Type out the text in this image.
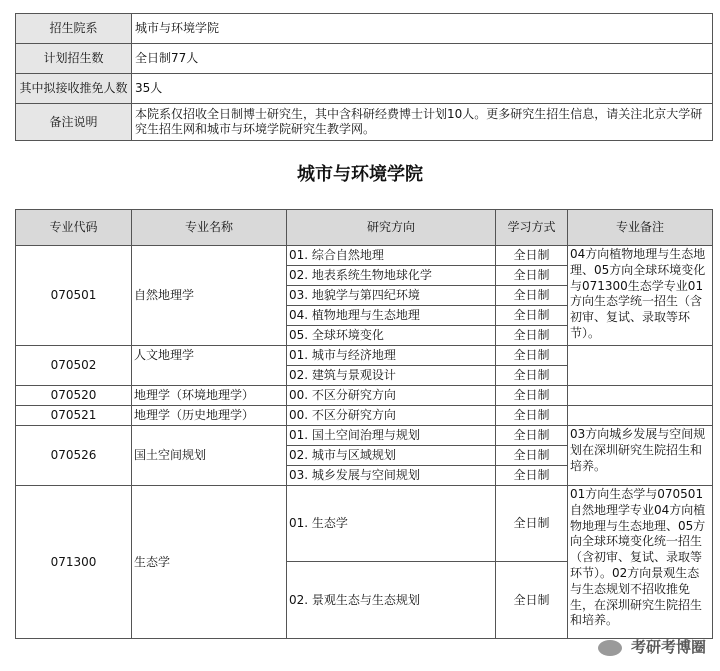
招生院系	城市与环境学院
计划招生数	全日制77人
其中拟接收推免人数	35人
备注说明	本院系仅招收全日制博士研究生，其中含科研经费博士计划10人。更多研究生招生信息，请关注北京大学研究生招生网和城市与环境学院研究生教学网。
城市与环境学院
专业代码	专业名称	研究方向	学习方式	专业备注
070501	自然地理学	01. 综合自然地理	全日制	04方向植物地理与生态地理、05方向全球环境变化与071300生态学专业01方向生态学统一招生（含初审、复试、录取等环节）。
		02. 地表系统生物地球化学	全日制	
		03. 地貌学与第四纪环境	全日制	
		04. 植物地理与生态地理	全日制	
		05. 全球环境变化	全日制	
070502	人文地理学	01. 城市与经济地理	全日制	
		02. 建筑与景观设计	全日制	
070520	地理学（环境地理学）	00. 不区分研究方向	全日制	
070521	地理学（历史地理学）	00. 不区分研究方向	全日制	
070526	国土空间规划	01. 国土空间治理与规划	全日制	03方向城乡发展与空间规划在深圳研究生院招生和培养。
		02. 城市与区域规划	全日制	
		03. 城乡发展与空间规划	全日制	
071300	生态学	01. 生态学	全日制	01方向生态学与070501自然地理学专业04方向植物地理与生态地理、05方向全球环境变化统一招生（含初审、复试、录取等环节）。02方向景观生态与生态规划不招收推免生，在深圳研究生院招生和培养。
		02. 景观生态与生态规划	全日制	
考研考博圈
